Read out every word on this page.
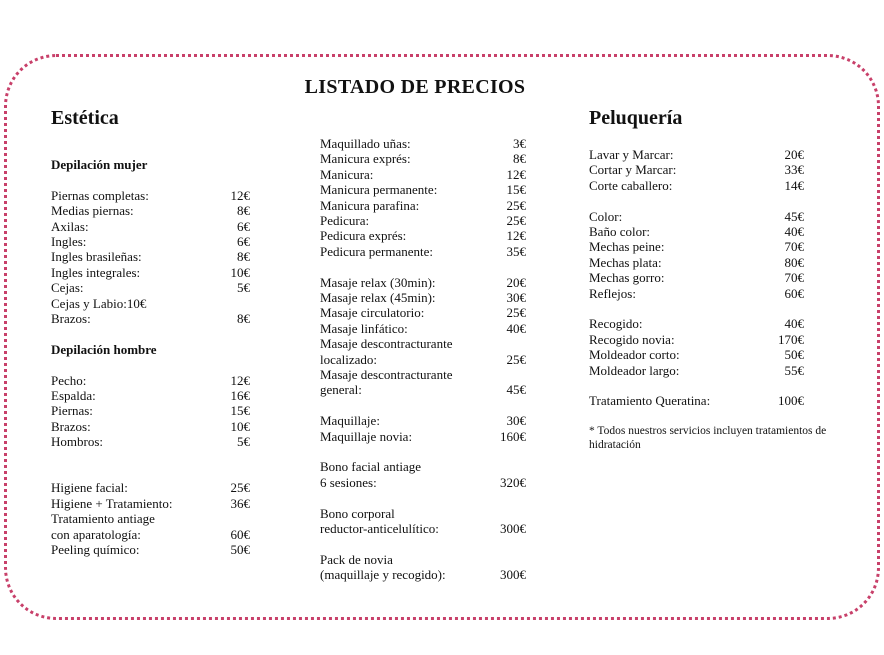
LISTADO DE PRECIOS
Estética	Peluquería
Depilación mujer
Piernas completas:	12€
Medias piernas:	8€
Axilas:	6€
Ingles:	6€
Ingles brasileñas:	8€
Ingles integrales:	10€
Cejas:	5€
Cejas y Labio:10€
Brazos:	8€
Depilación hombre
Pecho:	12€
Espalda:	16€
Piernas:	15€
Brazos:	10€
Hombros:	5€
Higiene facial:	25€
Higiene + Tratamiento:	36€
Tratamiento antiage
con aparatología:	60€
Peeling químico:	50€
Maquillado uñas:	3€
Manicura exprés:	8€
Manicura:	12€
Manicura permanente:	15€
Manicura parafina:	25€
Pedicura:	25€
Pedicura exprés:	12€
Pedicura permanente:	35€
Masaje relax (30min):	20€
Masaje relax (45min):	30€
Masaje circulatorio:	25€
Masaje linfático:	40€
Masaje descontracturante
localizado:	25€
Masaje descontracturante
general:	45€
Maquillaje:	30€
Maquillaje novia:	160€
Bono facial antiage
6 sesiones:	320€
Bono corporal
reductor-anticelulítico:	300€
Pack de novia
(maquillaje y recogido):	300€
Lavar y Marcar:	20€
Cortar y Marcar:	33€
Corte caballero:	14€
Color:	45€
Baño color:	40€
Mechas peine:	70€
Mechas plata:	80€
Mechas gorro:	70€
Reflejos:	60€
Recogido:	40€
Recogido novia:	170€
Moldeador corto:	50€
Moldeador largo:	55€
Tratamiento Queratina:	100€
* Todos nuestros servicios incluyen tratamientos de hidratación
